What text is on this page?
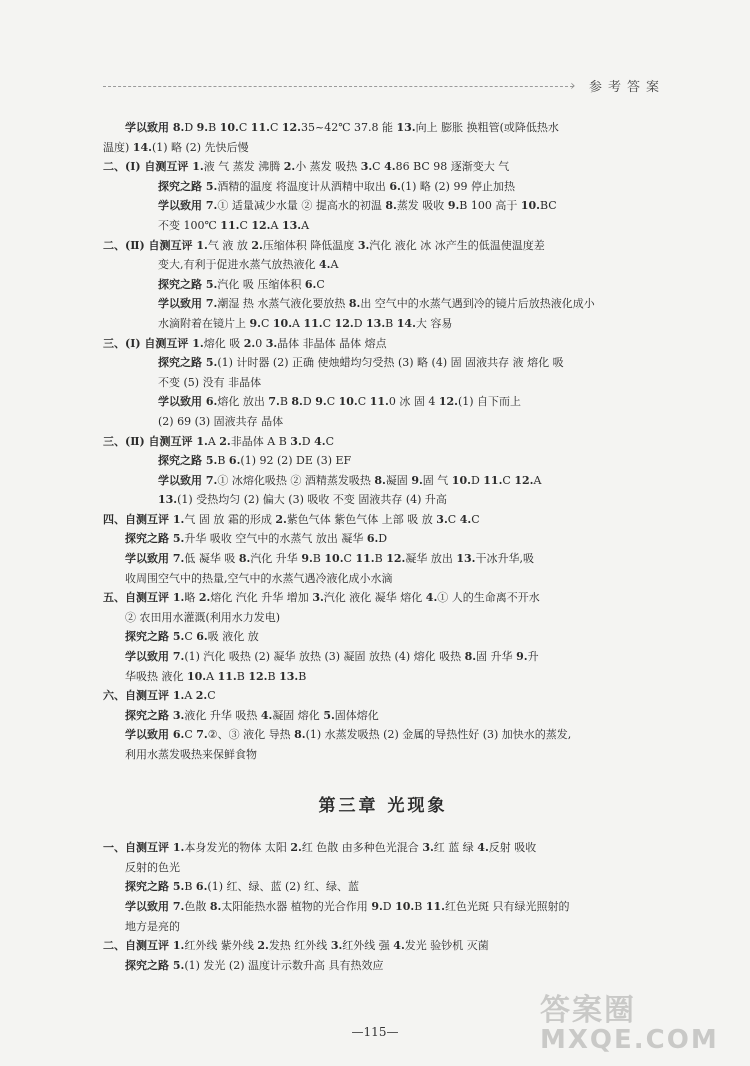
› 参考答案
学以致用 8.D 9.B 10.C 11.C 12.35~42℃ 37.8 能 13.向上 膨胀 换粗管(或降低热水
温度) 14.(1) 略 (2) 先快后慢
二、(Ⅰ) 自测互评 1.液 气 蒸发 沸腾 2.小 蒸发 吸热 3.C 4.86 BC 98 逐渐变大 气
探究之路 5.酒精的温度 将温度计从酒精中取出 6.(1) 略 (2) 99 停止加热
学以致用 7.① 适量减少水量 ② 提高水的初温 8.蒸发 吸收 9.B 100 高于 10.BC
不变 100℃ 11.C 12.A 13.A
二、(Ⅱ) 自测互评 1.气 液 放 2.压缩体积 降低温度 3.汽化 液化 冰 冰产生的低温使温度差
变大,有利于促进水蒸气放热液化 4.A
探究之路 5.汽化 吸 压缩体积 6.C
学以致用 7.潮湿 热 水蒸气液化要放热 8.出 空气中的水蒸气遇到冷的镜片后放热液化成小
水滴附着在镜片上 9.C 10.A 11.C 12.D 13.B 14.大 容易
三、(Ⅰ) 自测互评 1.熔化 吸 2.0 3.晶体 非晶体 晶体 熔点
探究之路 5.(1) 计时器 (2) 正确 使烛蜡均匀受热 (3) 略 (4) 固 固液共存 液 熔化 吸
不变 (5) 没有 非晶体
学以致用 6.熔化 放出 7.B 8.D 9.C 10.C 11.0 冰 固 4 12.(1) 自下而上
(2) 69 (3) 固液共存 晶体
三、(Ⅱ) 自测互评 1.A 2.非晶体 A B 3.D 4.C
探究之路 5.B 6.(1) 92 (2) DE (3) EF
学以致用 7.① 冰熔化吸热 ② 酒精蒸发吸热 8.凝固 9.固 气 10.D 11.C 12.A
13.(1) 受热均匀 (2) 偏大 (3) 吸收 不变 固液共存 (4) 升高
四、自测互评 1.气 固 放 霜的形成 2.紫色气体 紫色气体 上部 吸 放 3.C 4.C
探究之路 5.升华 吸收 空气中的水蒸气 放出 凝华 6.D
学以致用 7.低 凝华 吸 8.汽化 升华 9.B 10.C 11.B 12.凝华 放出 13.干冰升华,吸
收周围空气中的热量,空气中的水蒸气遇冷液化成小水滴
五、自测互评 1.略 2.熔化 汽化 升华 增加 3.汽化 液化 凝华 熔化 4.① 人的生命离不开水
② 农田用水灌溉(利用水力发电)
探究之路 5.C 6.吸 液化 放
学以致用 7.(1) 汽化 吸热 (2) 凝华 放热 (3) 凝固 放热 (4) 熔化 吸热 8.固 升华 9.升
华吸热 液化 10.A 11.B 12.B 13.B
六、自测互评 1.A 2.C
探究之路 3.液化 升华 吸热 4.凝固 熔化 5.固体熔化
学以致用 6.C 7.②、③ 液化 导热 8.(1) 水蒸发吸热 (2) 金属的导热性好 (3) 加快水的蒸发,
利用水蒸发吸热来保鲜食物
第三章 光现象
一、自测互评 1.本身发光的物体 太阳 2.红 色散 由多种色光混合 3.红 蓝 绿 4.反射 吸收
反射的色光
探究之路 5.B 6.(1) 红、绿、蓝 (2) 红、绿、蓝
学以致用 7.色散 8.太阳能热水器 植物的光合作用 9.D 10.B 11.红色光斑 只有绿光照射的
地方是亮的
二、自测互评 1.红外线 紫外线 2.发热 红外线 3.红外线 强 4.发光 验钞机 灭菌
探究之路 5.(1) 发光 (2) 温度计示数升高 具有热效应
—115—
答案圈
MXQE.COM
